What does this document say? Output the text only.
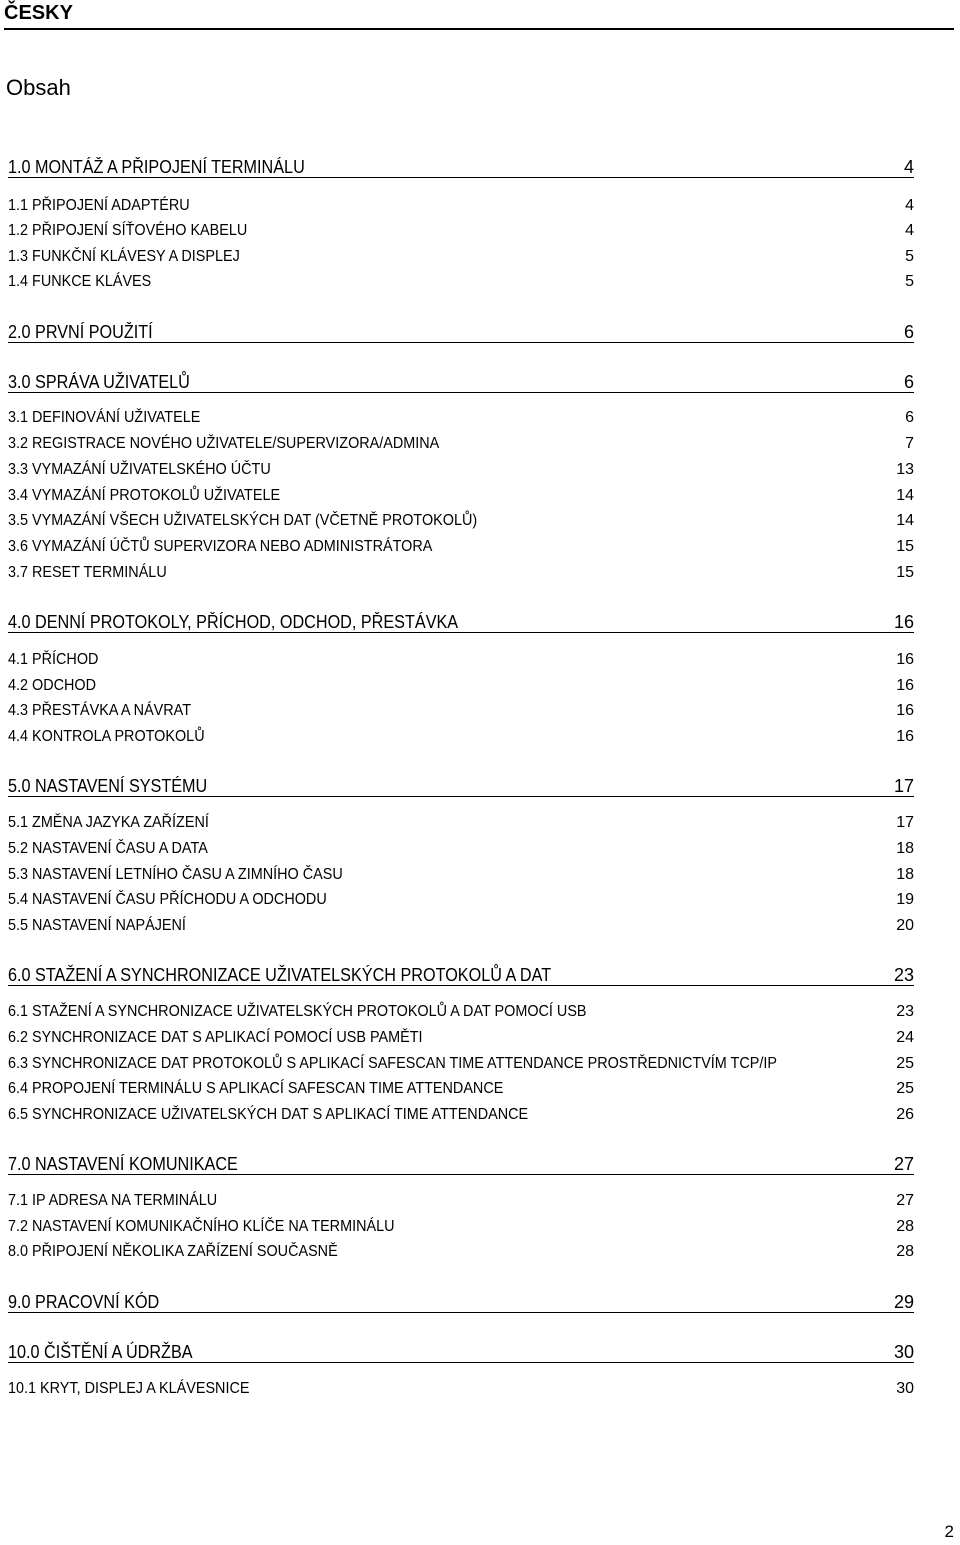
ČESKY
Obsah
1.0 MONTÁŽ A PŘIPOJENÍ TERMINÁLU	4
1.1 PŘIPOJENÍ ADAPTÉRU	4
1.2 PŘIPOJENÍ SÍŤOVÉHO KABELU	4
1.3 FUNKČNÍ KLÁVESY A DISPLEJ	5
1.4 FUNKCE KLÁVES	5
2.0 PRVNÍ POUŽITÍ	6
3.0 SPRÁVA UŽIVATELŮ	6
3.1 DEFINOVÁNÍ UŽIVATELE	6
3.2 REGISTRACE NOVÉHO UŽIVATELE/SUPERVIZORA/ADMINA	7
3.3 VYMAZÁNÍ UŽIVATELSKÉHO ÚČTU	13
3.4 VYMAZÁNÍ PROTOKOLŮ UŽIVATELE	14
3.5 VYMAZÁNÍ VŠECH UŽIVATELSKÝCH DAT (VČETNĚ PROTOKOLŮ)	14
3.6 VYMAZÁNÍ ÚČTŮ SUPERVIZORA NEBO ADMINISTRÁTORA	15
3.7 RESET TERMINÁLU	15
4.0 DENNÍ PROTOKOLY, PŘÍCHOD, ODCHOD, PŘESTÁVKA	16
4.1 PŘÍCHOD	16
4.2 ODCHOD	16
4.3 PŘESTÁVKA A NÁVRAT	16
4.4 KONTROLA PROTOKOLŮ	16
5.0 NASTAVENÍ SYSTÉMU	17
5.1 ZMĚNA JAZYKA ZAŘÍZENÍ	17
5.2 NASTAVENÍ ČASU A DATA	18
5.3 NASTAVENÍ LETNÍHO ČASU A ZIMNÍHO ČASU	18
5.4 NASTAVENÍ ČASU PŘÍCHODU A ODCHODU	19
5.5 NASTAVENÍ NAPÁJENÍ	20
6.0 STAŽENÍ A SYNCHRONIZACE UŽIVATELSKÝCH PROTOKOLŮ A DAT	23
6.1 STAŽENÍ A SYNCHRONIZACE UŽIVATELSKÝCH PROTOKOLŮ A DAT POMOCÍ USB	23
6.2 SYNCHRONIZACE DAT S APLIKACÍ POMOCÍ USB PAMĚTI	24
6.3 SYNCHRONIZACE DAT PROTOKOLŮ S APLIKACÍ SAFESCAN TIME ATTENDANCE PROSTŘEDNICTVÍM TCP/IP	25
6.4 PROPOJENÍ TERMINÁLU S APLIKACÍ SAFESCAN TIME ATTENDANCE	25
6.5 SYNCHRONIZACE UŽIVATELSKÝCH DAT S APLIKACÍ TIME ATTENDANCE	26
7.0 NASTAVENÍ KOMUNIKACE	27
7.1 IP ADRESA NA TERMINÁLU	27
7.2 NASTAVENÍ KOMUNIKAČNÍHO KLÍČE NA TERMINÁLU	28
8.0 PŘIPOJENÍ NĚKOLIKA ZAŘÍZENÍ SOUČASNĚ	28
9.0 PRACOVNÍ KÓD	29
10.0 ČIŠTĚNÍ A ÚDRŽBA	30
10.1 KRYT, DISPLEJ A KLÁVESNICE	30
2
